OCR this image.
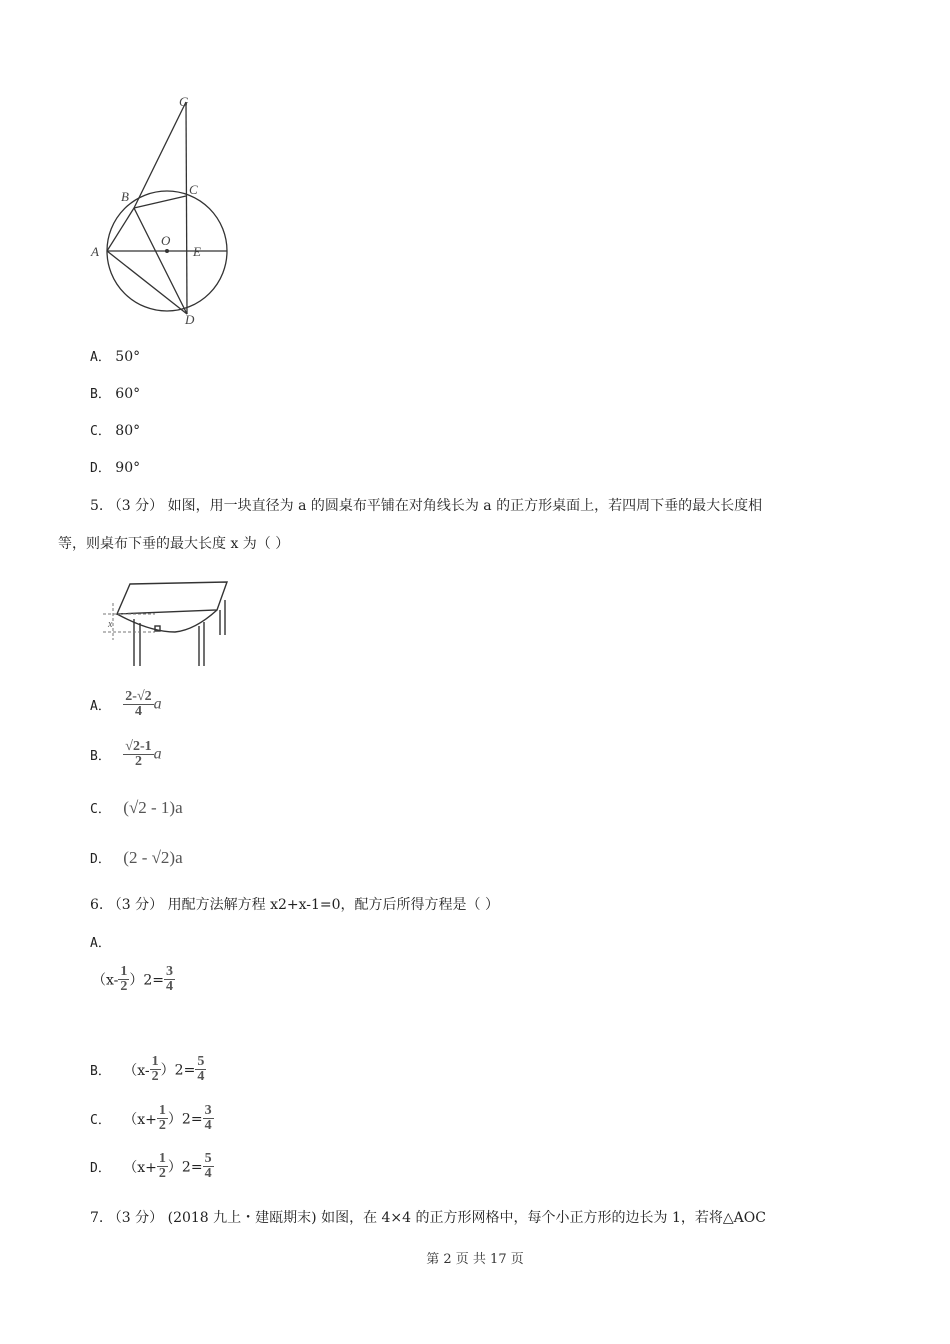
G
B	C
O
A	E
D
A． 50°
B． 60°
C． 80°
D． 90°
5. （3 分） 如图，用一块直径为 a 的圆桌布平铺在对角线长为 a 的正方形桌面上，若四周下垂的最大长度相
等，则桌布下垂的最大长度 x 为（ ）
x
A． $\frac{2-√2}{4}$ a
B． $\frac{√2-1}{2}$ a
C． (√2 - 1)a
D． (2 - √2)a
6. （3 分） 用配方法解方程 x2+x-1=0，配方后所得方程是（ ）
A．
$(x- \frac{1}{2} )2= \frac{3}{4}$
B． $(x- \frac{1}{2} )2= \frac{5}{4}$
C． $(x+ \frac{1}{2} )2= \frac{3}{4}$
D． $(x+ \frac{1}{2} )2= \frac{5}{4}$
7. （3 分） (2018 九上・建瓯期末) 如图，在 4×4 的正方形网格中，每个小正方形的边长为 1，若将△AOC
第 2 页 共 17 页
